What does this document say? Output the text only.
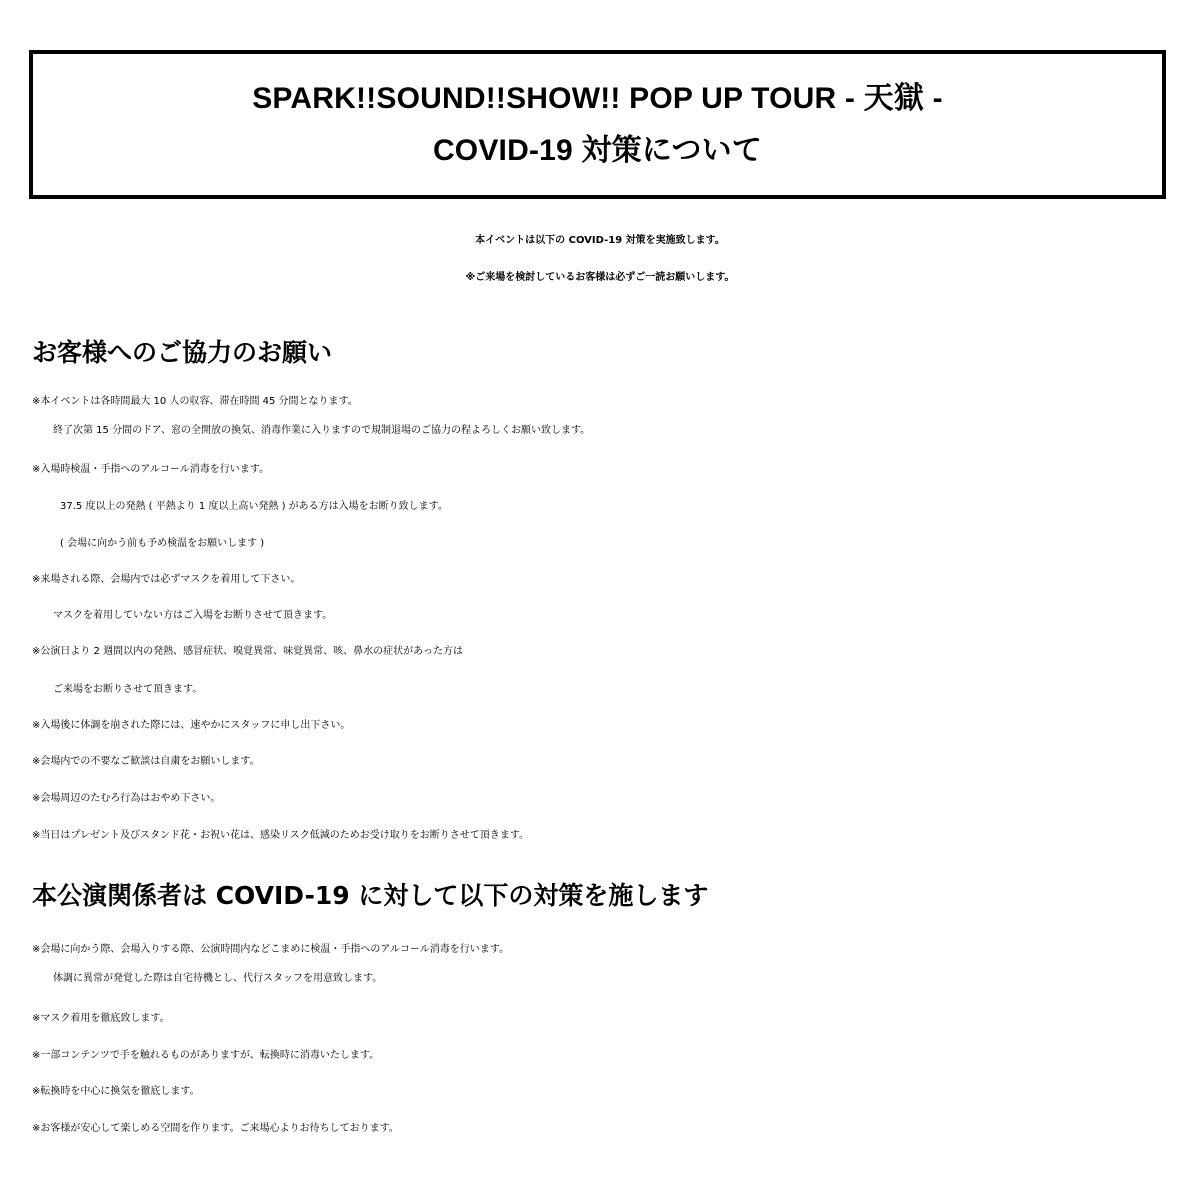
SPARK!!SOUND!!SHOW!! POP UP TOUR - 天獄 -
COVID-19 対策について
本イベントは以下の COVID-19 対策を実施致します。
※ご来場を検討しているお客様は必ずご一読お願いします。
お客様へのご協力のお願い
※本イベントは各時間最大 10 人の収容、滞在時間 45 分間となります。
終了次第 15 分間のドア、窓の全開放の換気、消毒作業に入りますので規制退場のご協力の程よろしくお願い致します。
※入場時検温・手指へのアルコール消毒を行います。
37.5 度以上の発熱 ( 平熱より 1 度以上高い発熱 ) がある方は入場をお断り致します。
( 会場に向かう前も予め検温をお願いします )
※来場される際、会場内では必ずマスクを着用して下さい。
マスクを着用していない方はご入場をお断りさせて頂きます。
※公演日より 2 週間以内の発熱、感冒症状、嗅覚異常、味覚異常、咳、鼻水の症状があった方は
ご来場をお断りさせて頂きます。
※入場後に体調を崩された際には、速やかにスタッフに申し出下さい。
※会場内での不要なご歓談は自粛をお願いします。
※会場周辺のたむろ行為はおやめ下さい。
※当日はプレゼント及びスタンド花・お祝い花は、感染リスク低減のためお受け取りをお断りさせて頂きます。
本公演関係者は COVID-19 に対して以下の対策を施します
※会場に向かう際、会場入りする際、公演時間内などこまめに検温・手指へのアルコール消毒を行います。
体調に異常が発覚した際は自宅待機とし、代行スタッフを用意致します。
※マスク着用を徹底致します。
※一部コンテンツで手を触れるものがありますが、転換時に消毒いたします。
※転換時を中心に換気を徹底します。
※お客様が安心して楽しめる空間を作ります。ご来場心よりお待ちしております。
